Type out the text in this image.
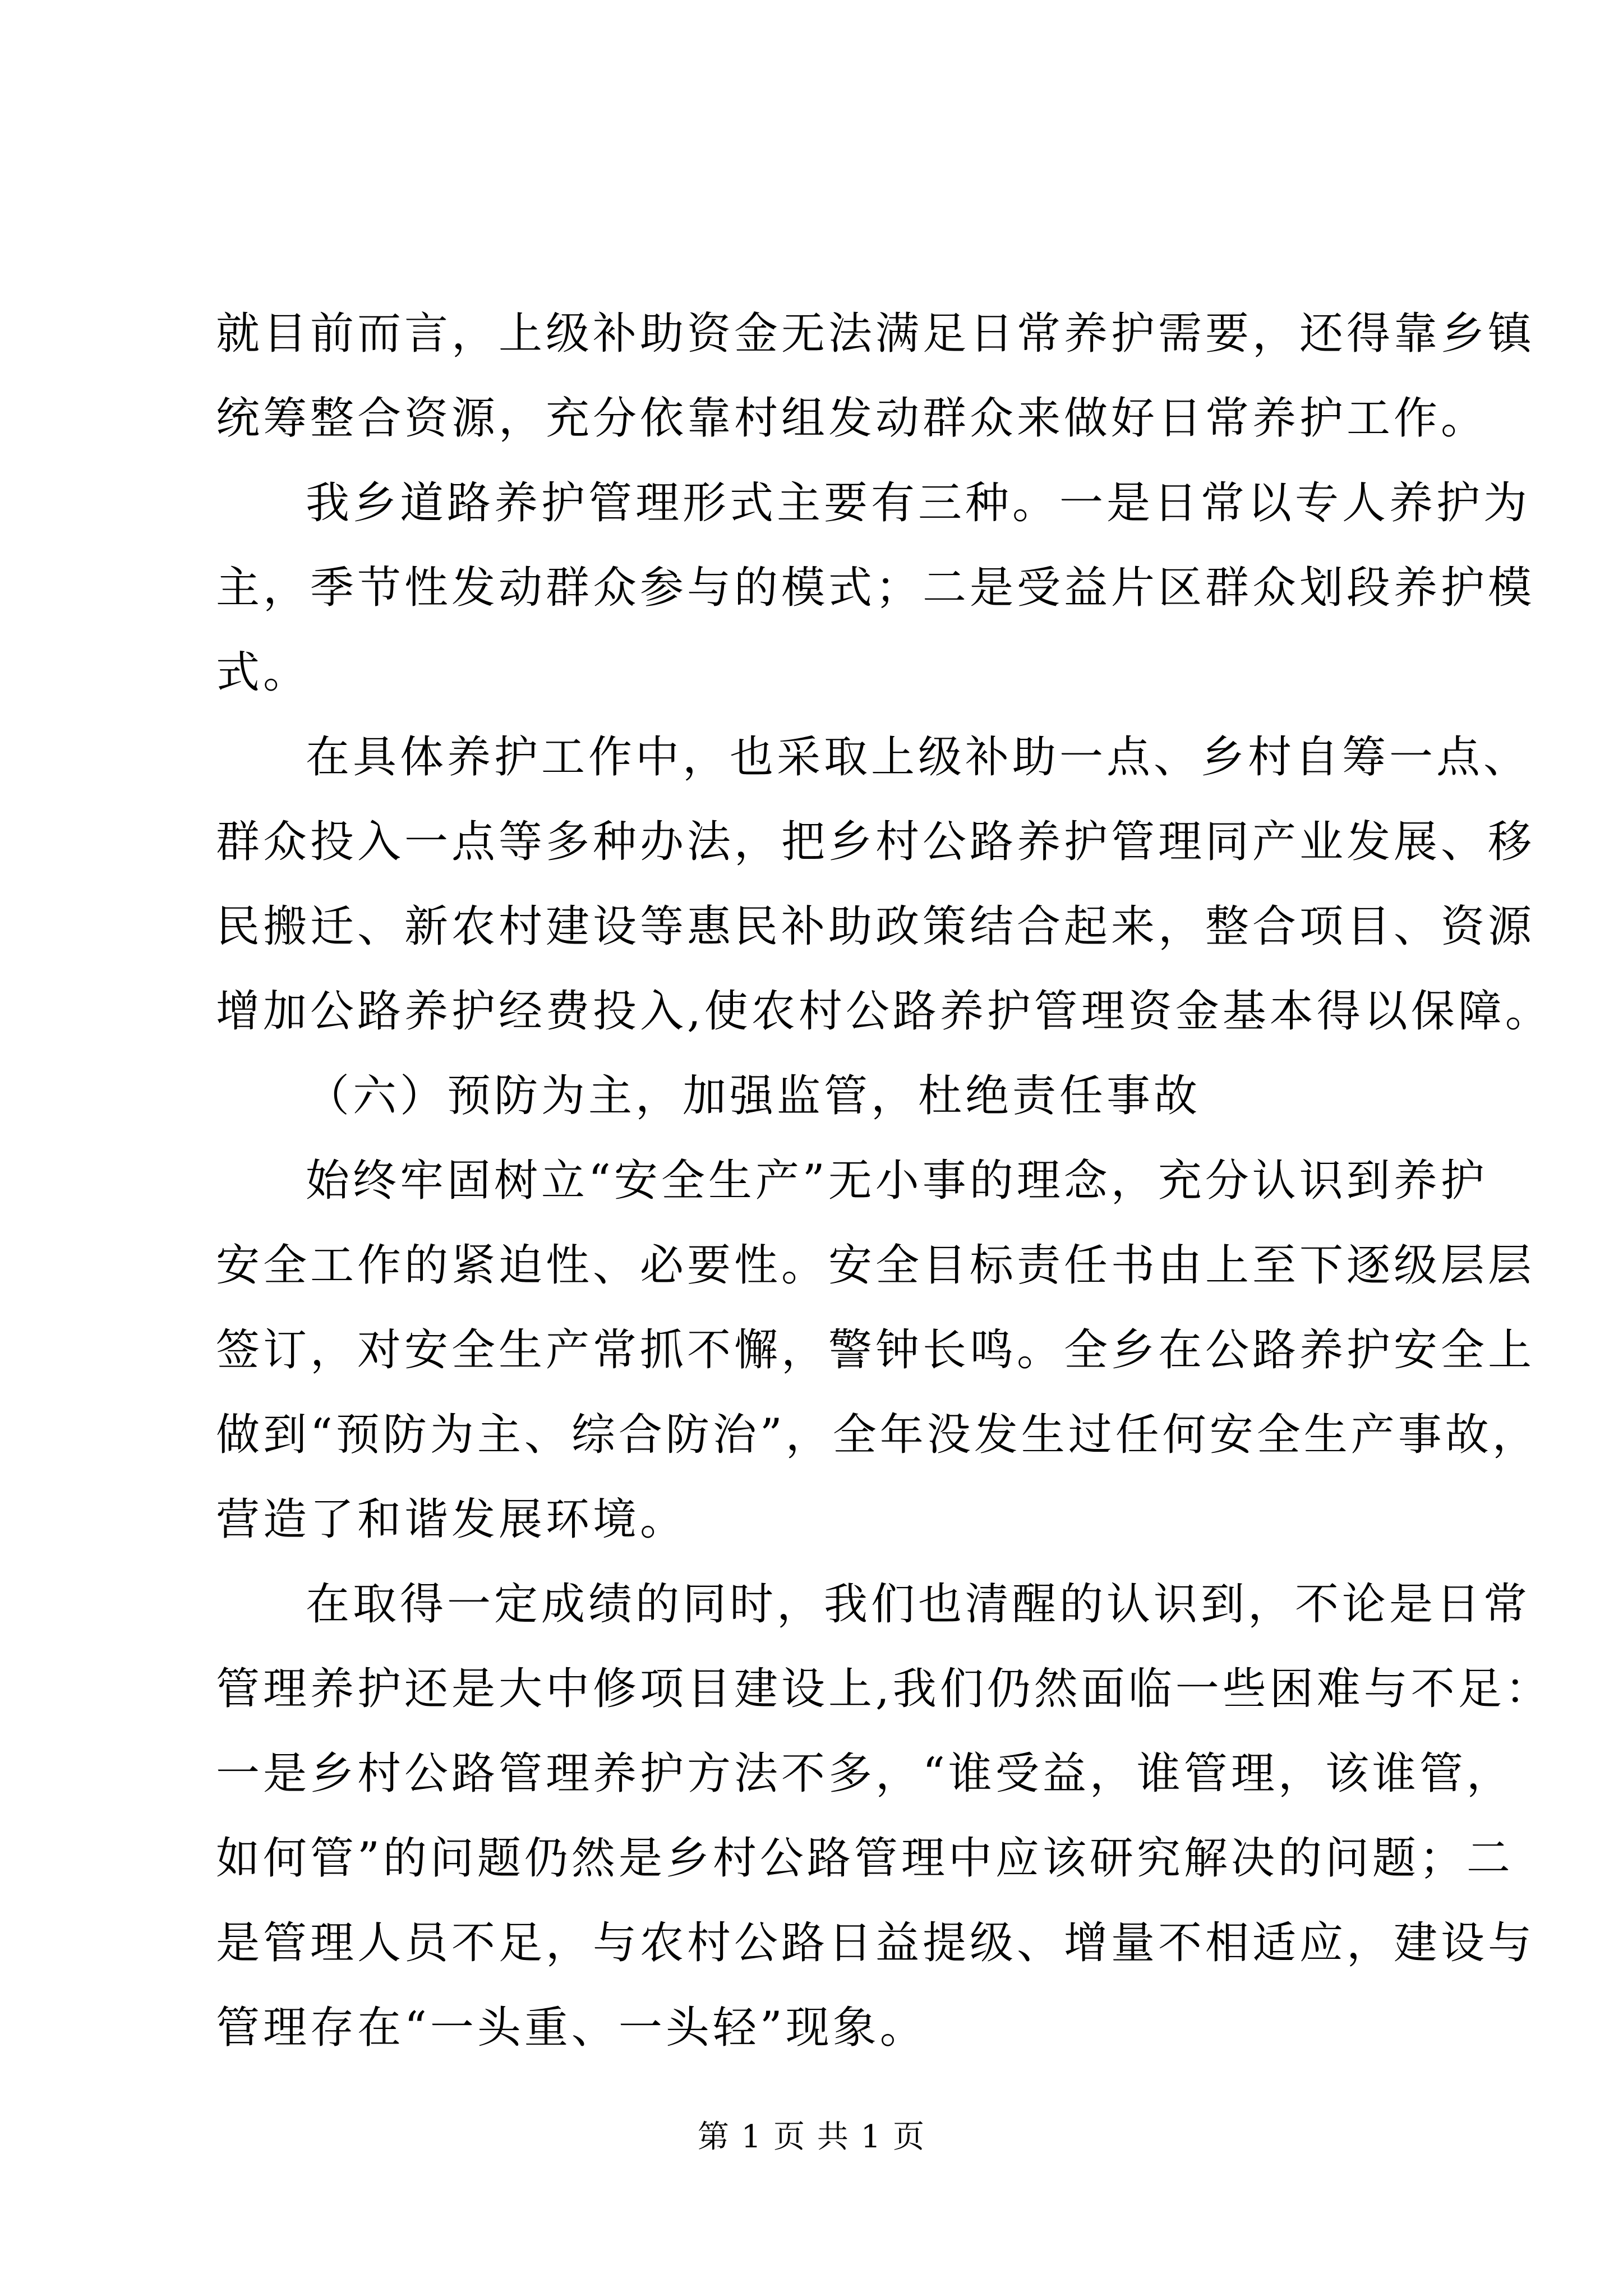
就目前而言，上级补助资金无法满足日常养护需要，还得靠乡镇
统筹整合资源，充分依靠村组发动群众来做好日常养护工作。
我乡道路养护管理形式主要有三种。一是日常以专人养护为
主，季节性发动群众参与的模式；二是受益片区群众划段养护模
式。
在具体养护工作中，也采取上级补助一点、乡村自筹一点、
群众投入一点等多种办法，把乡村公路养护管理同产业发展、移
民搬迁、新农村建设等惠民补助政策结合起来，整合项目、资源
增加公路养护经费投入,使农村公路养护管理资金基本得以保障。
（六）预防为主，加强监管，杜绝责任事故
始终牢固树立“安全生产”无小事的理念，充分认识到养护
安全工作的紧迫性、必要性。安全目标责任书由上至下逐级层层
签订，对安全生产常抓不懈，警钟长鸣。全乡在公路养护安全上
做到“预防为主、综合防治”，全年没发生过任何安全生产事故，
营造了和谐发展环境。
在取得一定成绩的同时，我们也清醒的认识到，不论是日常
管理养护还是大中修项目建设上,我们仍然面临一些困难与不足：
一是乡村公路管理养护方法不多，“谁受益，谁管理，该谁管，
如何管”的问题仍然是乡村公路管理中应该研究解决的问题；二
是管理人员不足，与农村公路日益提级、增量不相适应，建设与
管理存在“一头重、一头轻”现象。
第 1 页 共 1 页
